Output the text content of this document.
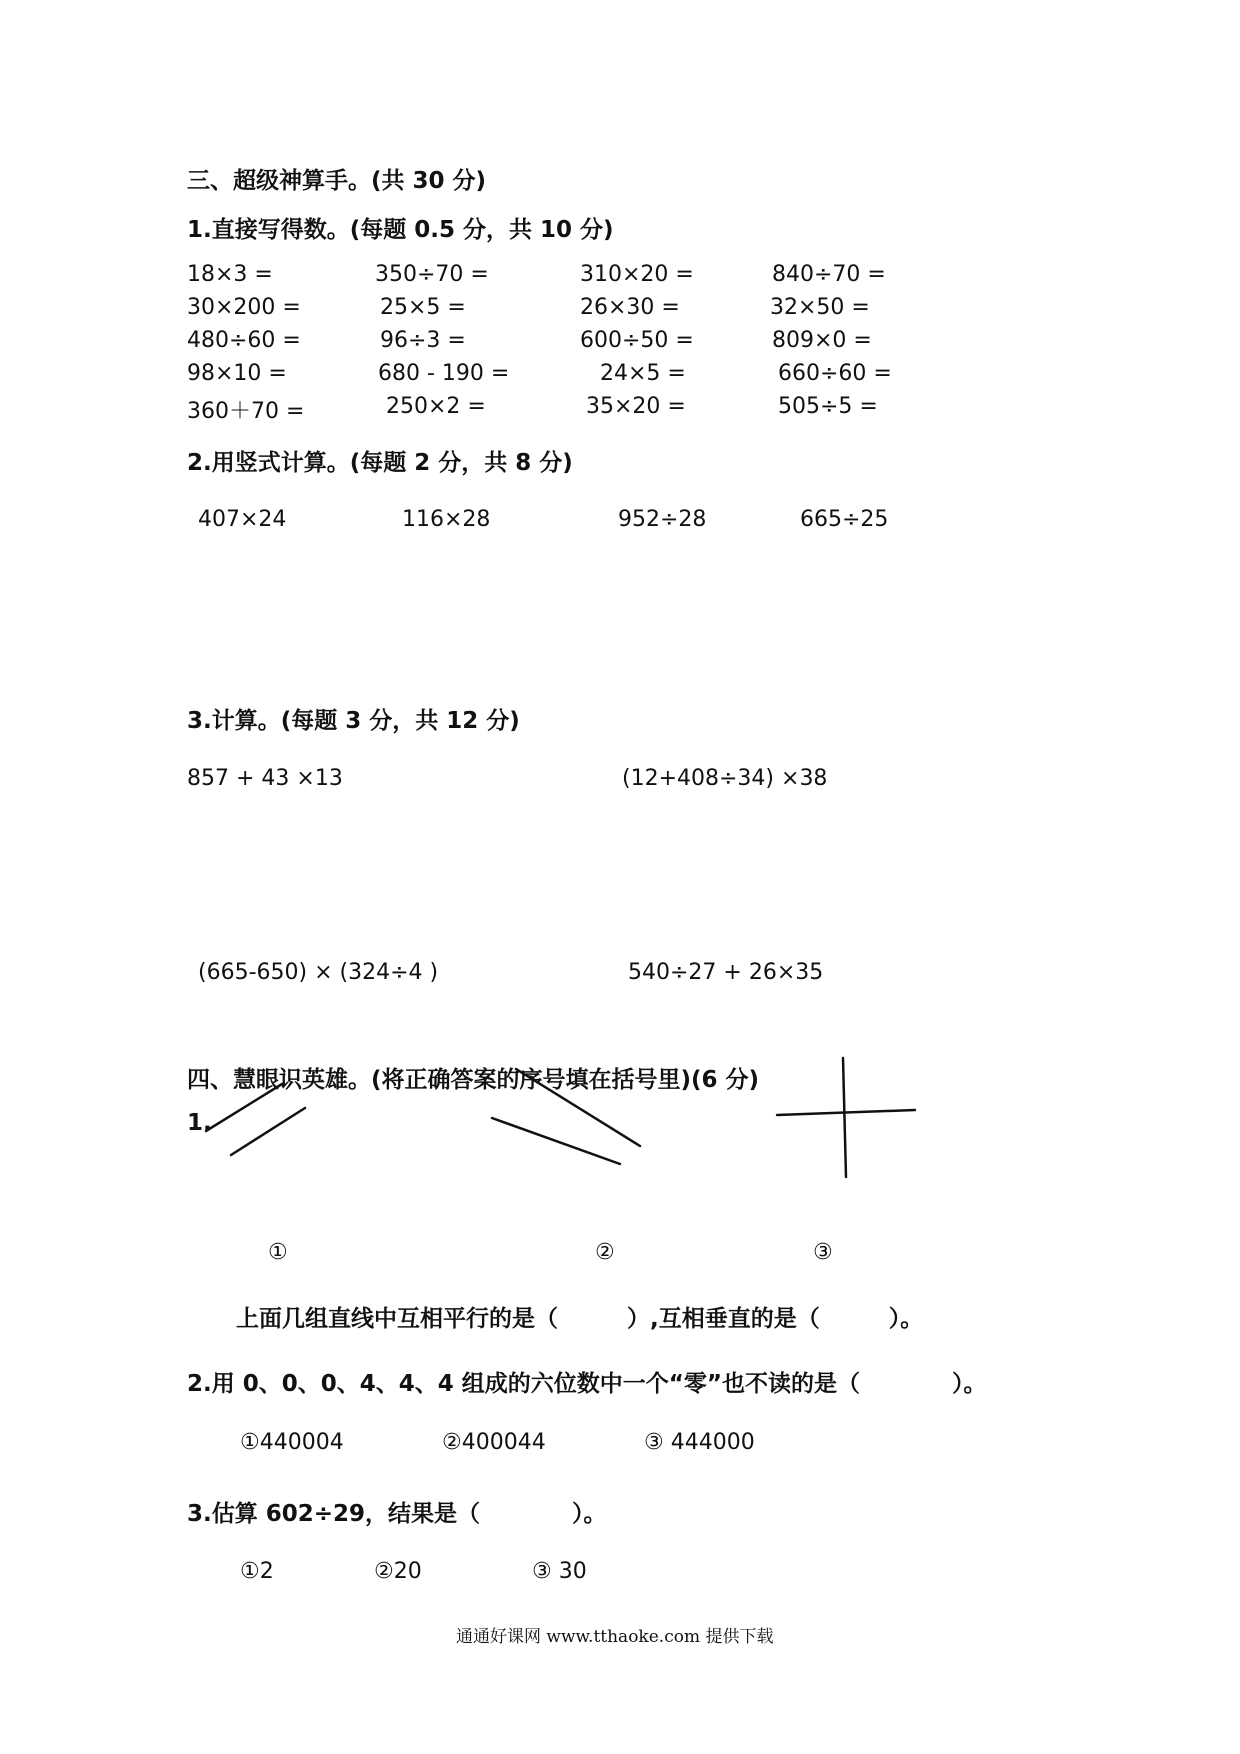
三、超级神算手。(共 30 分)
1.直接写得数。(每题 0.5 分，共 10 分)
18×3 =	350÷70 =	310×20 =	840÷70 =
30×200 =	25×5 =	26×30 =	32×50 =
480÷60 =	96÷3 =	600÷50 =	809×0 =
98×10 =	680 - 190 =	24×5 =	660÷60 =
360＋70 =	250×2 =	35×20 =	505÷5 =
2.用竖式计算。(每题 2 分，共 8 分)
407×24	116×28	952÷28	665÷25
3.计算。(每题 3 分，共 12 分)
857 + 43 ×13	(12+408÷34) ×38
(665-650) × (324÷4 )	540÷27 + 26×35
四、慧眼识英雄。(将正确答案的序号填在括号里)(6 分)
1.
①	②	③
上面几组直线中互相平行的是（　　　）,互相垂直的是（　　　）。
2.用 0、0、0、4、4、4 组成的六位数中一个“零”也不读的是（　　　　）。
①440004	②400044	③ 444000
3.估算 602÷29，结果是（　　　　）。
①2	②20	③ 30
通通好课网 www.tthaoke.com 提供下载
